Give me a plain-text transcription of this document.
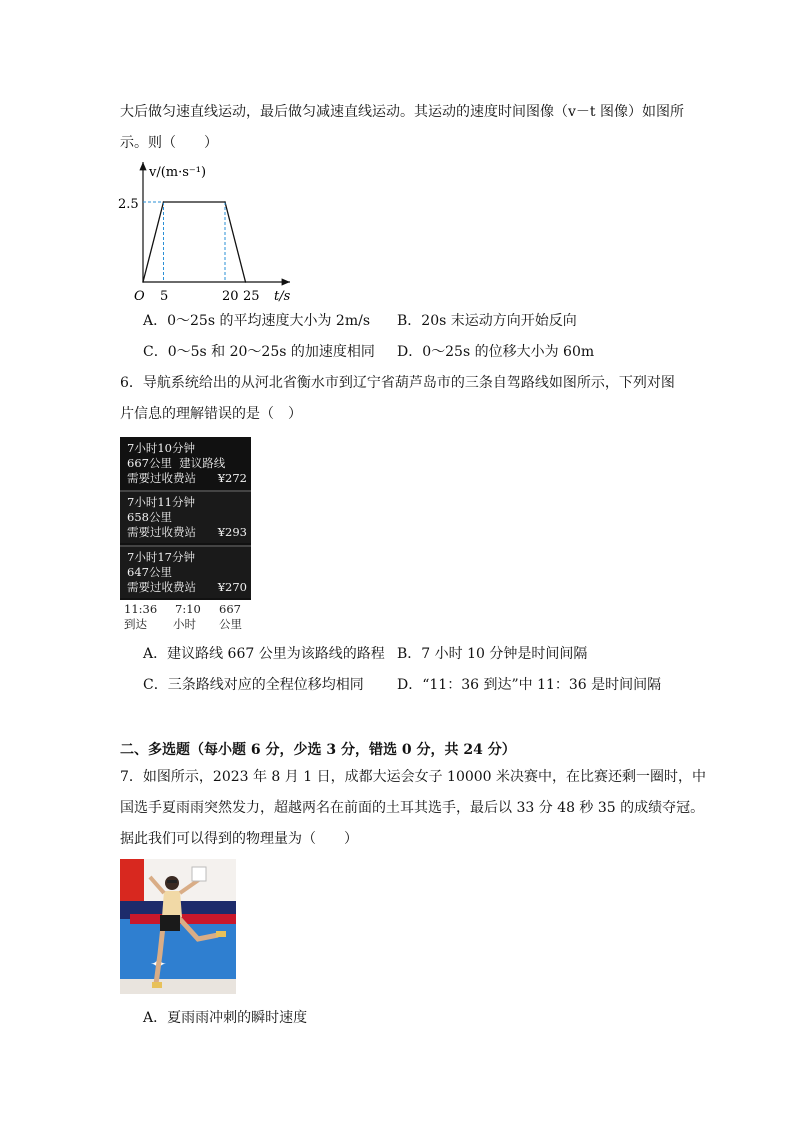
大后做匀速直线运动，最后做匀减速直线运动。其运动的速度时间图像（v－t 图像）如图所
示。则（　　）
v/(m·s⁻¹)
t/s
O
2.5
5	20 25
A．0～25s 的平均速度大小为 2m/s B．20s 末运动方向开始反向
C．0～5s 和 20～25s 的加速度相同 D．0～25s 的位移大小为 60m
6．导航系统给出的从河北省衡水市到辽宁省葫芦岛市的三条自驾路线如图所示，下列对图
片信息的理解错误的是（　）
7小时10分钟
667公里 建议路线
需要过收费站 ¥272
7小时11分钟
658公里
需要过收费站 ¥293
7小时17分钟
647公里
需要过收费站 ¥270
11:36
到达
7:10
小时
667
公里
A．建议路线 667 公里为该路线的路程 B．7 小时 10 分钟是时间间隔
C．三条路线对应的全程位移均相同 D．“11：36 到达”中 11：36 是时间间隔
二、多选题（每小题 6 分，少选 3 分，错选 0 分，共 24 分）
7．如图所示，2023 年 8 月 1 日，成都大运会女子 10000 米决赛中，在比赛还剩一圈时，中
国选手夏雨雨突然发力，超越两名在前面的土耳其选手，最后以 33 分 48 秒 35 的成绩夺冠。
据此我们可以得到的物理量为（　　）
✦
A．夏雨雨冲刺的瞬时速度
